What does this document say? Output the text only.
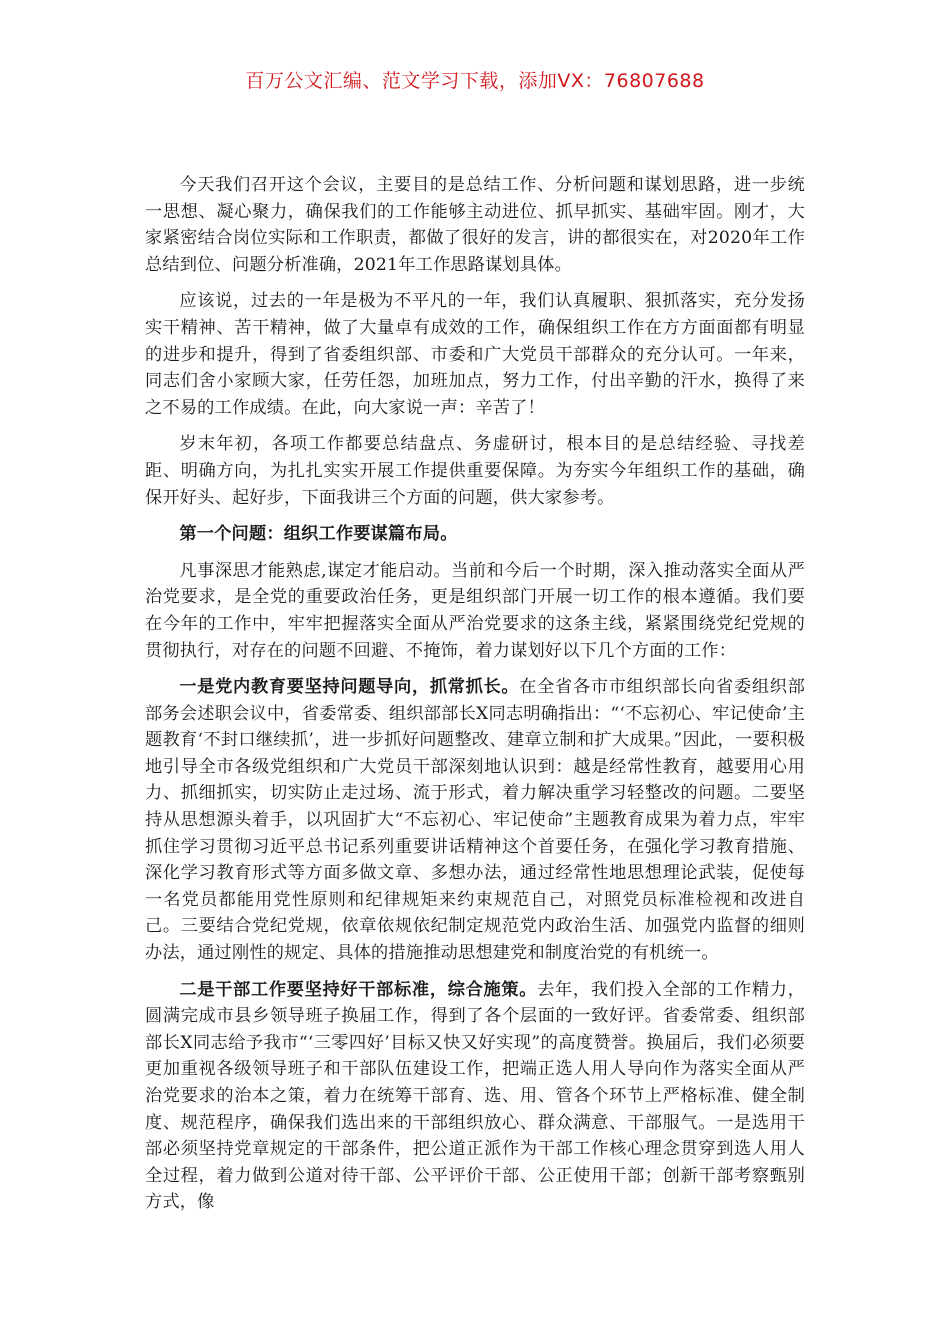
百万公文汇编、范文学习下载，添加VX：76807688

今天我们召开这个会议，主要目的是总结工作、分析问题和谋划思路，进一步统一思想、凝心聚力，确保我们的工作能够主动进位、抓早抓实、基础牢固。刚才，大家紧密结合岗位实际和工作职责，都做了很好的发言，讲的都很实在，对2020年工作总结到位、问题分析准确，2021年工作思路谋划具体。

应该说，过去的一年是极为不平凡的一年，我们认真履职、狠抓落实，充分发扬实干精神、苦干精神，做了大量卓有成效的工作，确保组织工作在方方面面都有明显的进步和提升，得到了省委组织部、市委和广大党员干部群众的充分认可。一年来，同志们舍小家顾大家，任劳任怨，加班加点，努力工作，付出辛勤的汗水，换得了来之不易的工作成绩。在此，向大家说一声：辛苦了！

岁末年初，各项工作都要总结盘点、务虚研讨，根本目的是总结经验、寻找差距、明确方向，为扎扎实实开展工作提供重要保障。为夯实今年组织工作的基础，确保开好头、起好步，下面我讲三个方面的问题，供大家参考。

第一个问题：组织工作要谋篇布局。

凡事深思才能熟虑,谋定才能启动。当前和今后一个时期，深入推动落实全面从严治党要求，是全党的重要政治任务，更是组织部门开展一切工作的根本遵循。我们要在今年的工作中，牢牢把握落实全面从严治党要求的这条主线，紧紧围绕党纪党规的贯彻执行，对存在的问题不回避、不掩饰，着力谋划好以下几个方面的工作：

一是党内教育要坚持问题导向，抓常抓长。在全省各市市组织部长向省委组织部部务会述职会议中，省委常委、组织部部长X同志明确指出：“‘不忘初心、牢记使命’主题教育‘不封口继续抓’，进一步抓好问题整改、建章立制和扩大成果。”因此，一要积极地引导全市各级党组织和广大党员干部深刻地认识到：越是经常性教育，越要用心用力、抓细抓实，切实防止走过场、流于形式，着力解决重学习轻整改的问题。二要坚持从思想源头着手，以巩固扩大“不忘初心、牢记使命”主题教育成果为着力点，牢牢抓住学习贯彻习近平总书记系列重要讲话精神这个首要任务，在强化学习教育措施、深化学习教育形式等方面多做文章、多想办法，通过经常性地思想理论武装，促使每一名党员都能用党性原则和纪律规矩来约束规范自己，对照党员标准检视和改进自己。三要结合党纪党规，依章依规依纪制定规范党内政治生活、加强党内监督的细则办法，通过刚性的规定、具体的措施推动思想建党和制度治党的有机统一。

二是干部工作要坚持好干部标准，综合施策。去年，我们投入全部的工作精力，圆满完成市县乡领导班子换届工作，得到了各个层面的一致好评。省委常委、组织部部长X同志给予我市“‘三零四好’目标又快又好实现”的高度赞誉。换届后，我们必须要更加重视各级领导班子和干部队伍建设工作，把端正选人用人导向作为落实全面从严治党要求的治本之策，着力在统筹干部育、选、用、管各个环节上严格标准、健全制度、规范程序，确保我们选出来的干部组织放心、群众满意、干部服气。一是选用干部必须坚持党章规定的干部条件，把公道正派作为干部工作核心理念贯穿到选人用人全过程，着力做到公道对待干部、公平评价干部、公正使用干部；创新干部考察甄别方式，像
